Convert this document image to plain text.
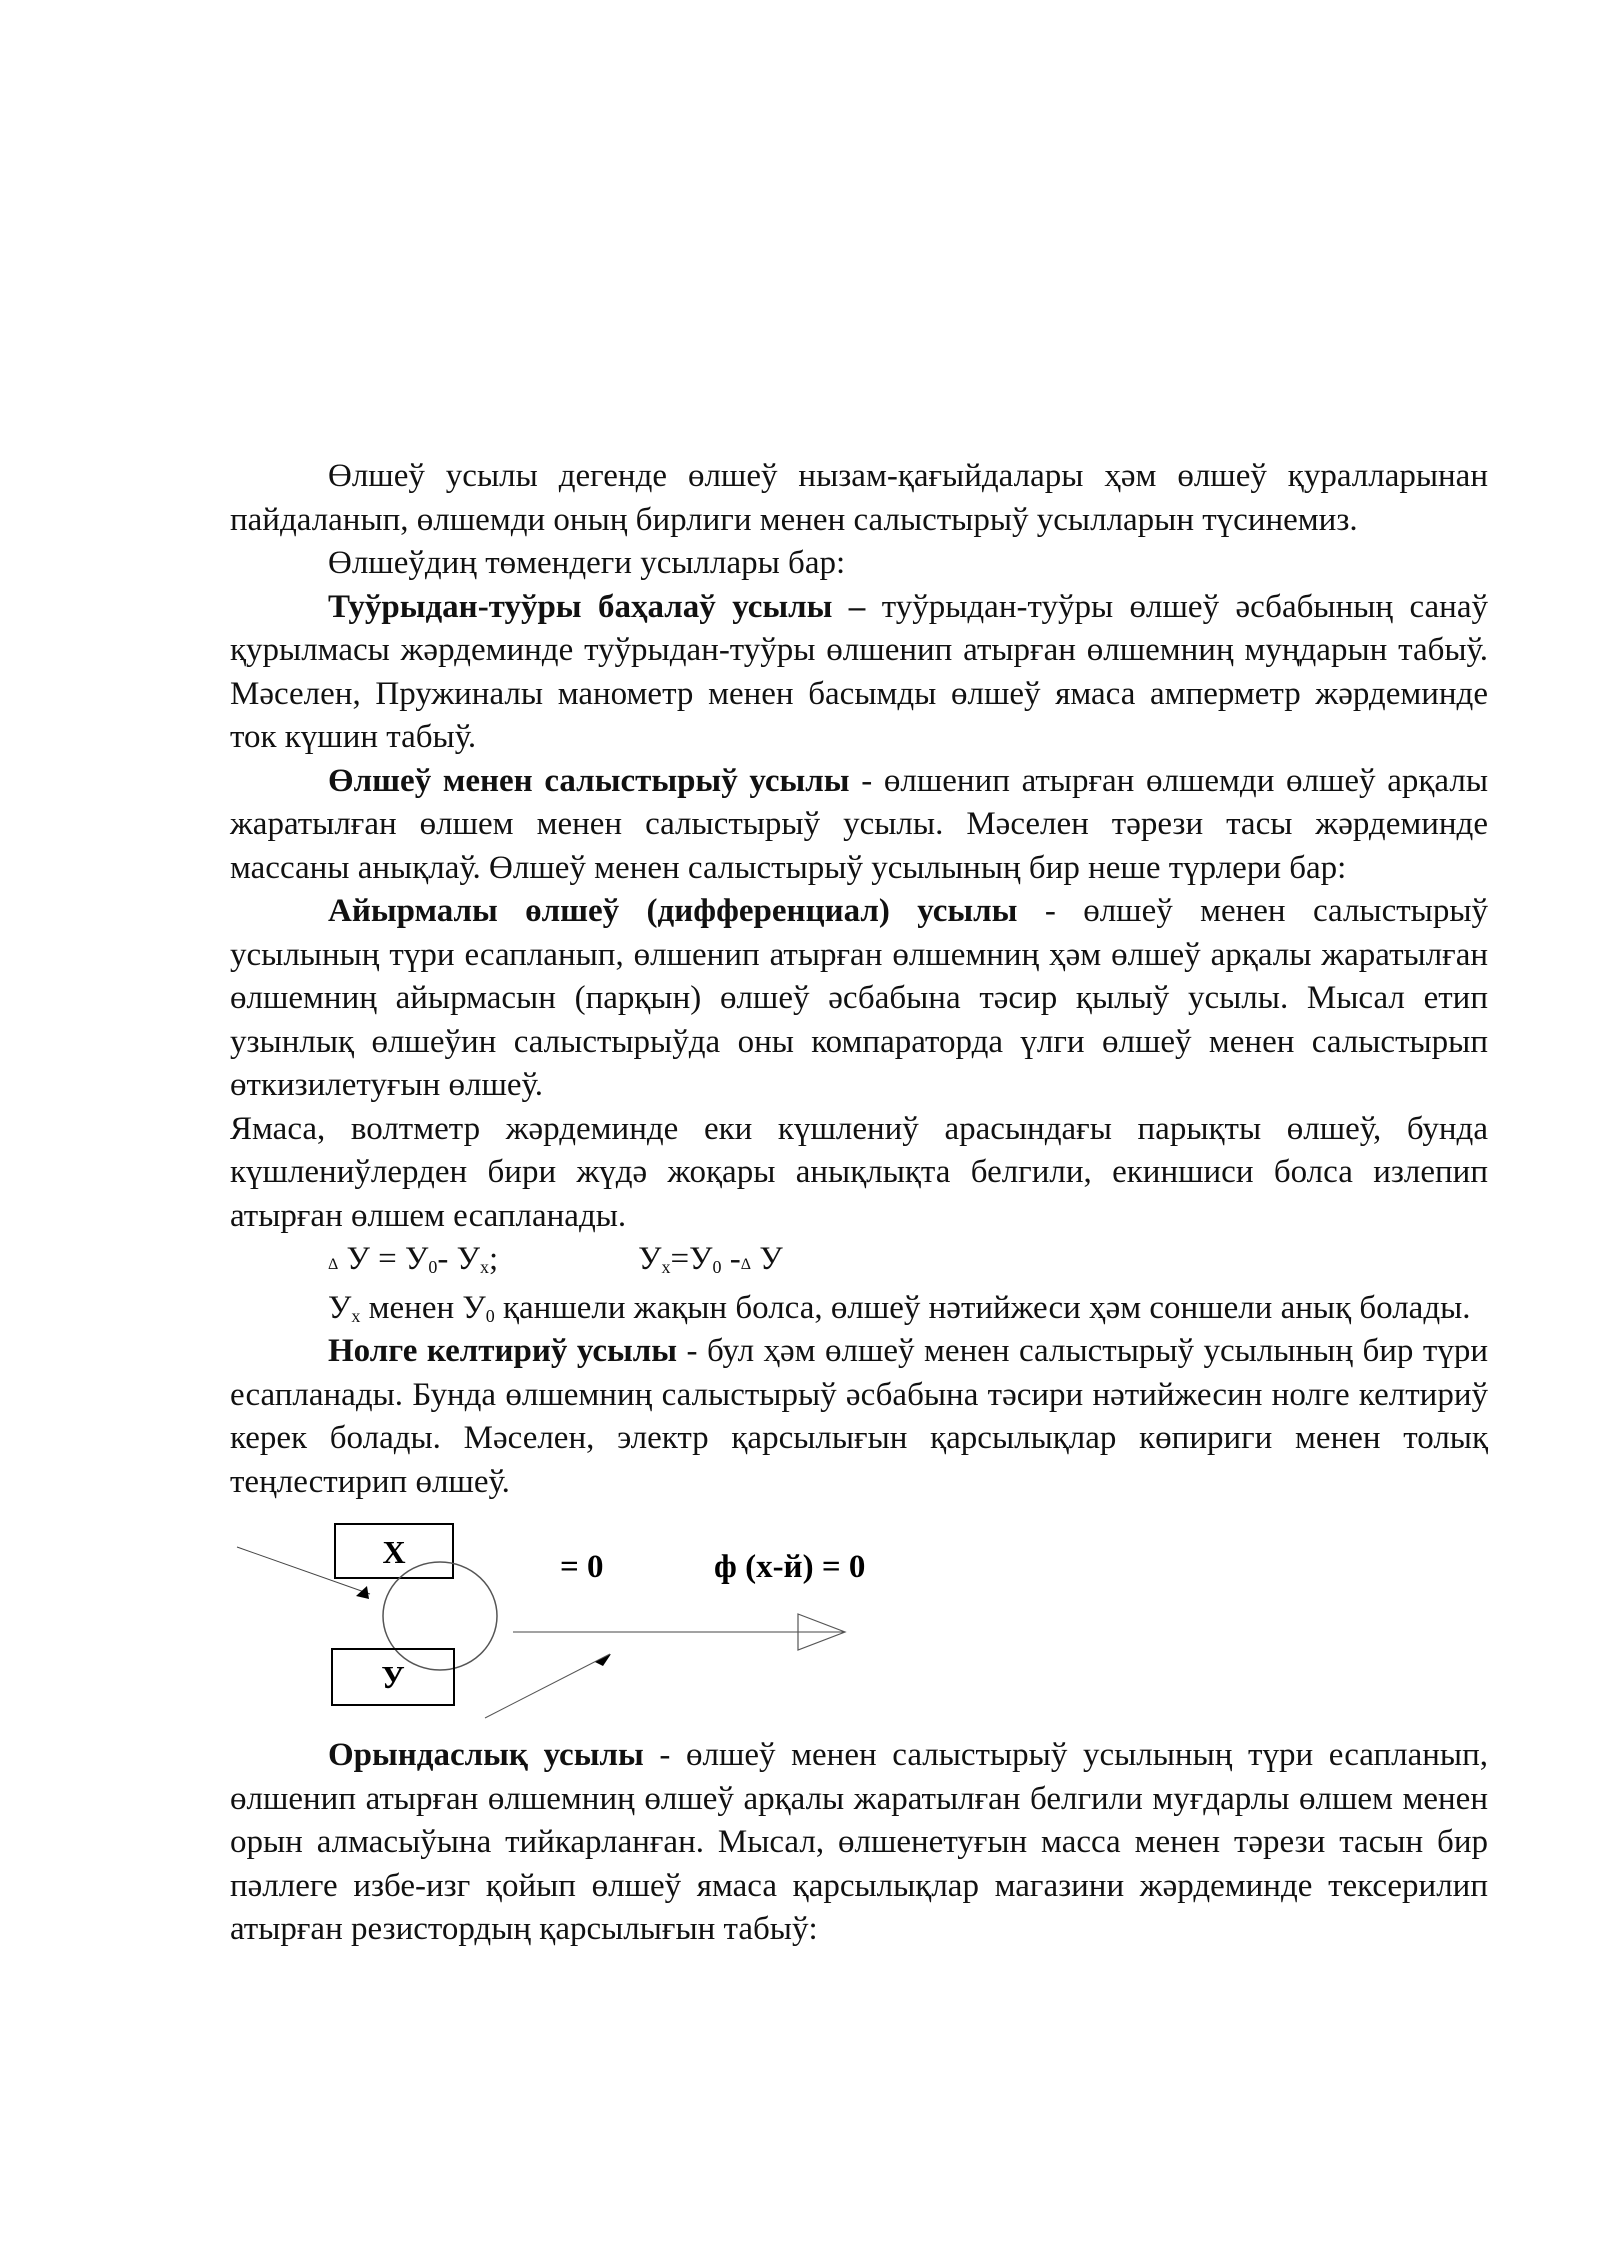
Өлшеў усылы дегенде өлшеў нызам-қағыйдалары ҳәм өлшеў қуралларынан пайдаланып, өлшемди оның бирлиги менен салыстырыў усылларын түсинемиз.

Өлшеўдиң төмендеги усыллары бар:

Туўрыдан-туўры баҳалаў усылы – туўрыдан-туўры өлшеў әсбабының санаў қурылмасы жәрдеминде туўрыдан-туўры өлшенип атырған өлшемниң муңдарын табыў. Мәселен, Пружиналы манометр менен басымды өлшеў ямаса амперметр жәрдеминде ток күшин табыў.

Өлшеў менен салыстырыў усылы - өлшенип атырған өлшемди өлшеў арқалы жаратылған өлшем менен салыстырыў усылы. Мәселен тәрези тасы жәрдеминде массаны анықлаў. Өлшеў менен салыстырыў усылының бир неше түрлери бар:

Айырмалы өлшеў (дифференциал) усылы - өлшеў менен салыстырыў усылының түри есапланып, өлшенип атырған өлшемниң ҳәм өлшеў арқалы жаратылған өлшемниң айырмасын (парқын) өлшеў әсбабына тәсир қылыў усылы. Мысал етип узынлық өлшеўин салыстырыўда оны компараторда үлги өлшеў менен салыстырып өткизилетуғын өлшеў.

Ямаса, волтметр жәрдеминде еки күшлениў арасындағы парықты өлшеў, бунда күшлениўлерден бири жүдә жоқары анықлықта белгили, екиншиси болса излепип атырған өлшем есапланады.

Δ $У = У_0-$ $У_x$;	$У_x=У_0$ -Δ У

$У_x$ менен $У_0$ қаншели жақын болса, өлшеў нәтийжеси ҳәм соншели анық болады.

Нолге келтириў усылы - бул ҳәм өлшеў менен салыстырыў усылының бир түри есапланады. Бунда өлшемниң салыстырыў әсбабына тәсири нәтийжесин нолге келтириў керек болады. Мәселен, электр қарсылығын қарсылықлар көпириги менен толық теңлестирип өлшеў.

X
У
= 0	ф (х-й) = 0

Орындаслық усылы - өлшеў менен салыстырыў усылының түри есапланып, өлшенип атырған өлшемниң өлшеў арқалы жаратылған белгили муғдарлы өлшем менен орын алмасыўына тийкарланған. Мысал, өлшенетуғын масса менен тәрези тасын бир пәллеге избе-изг қойып өлшеў ямаса қарсылықлар магазини жәрдеминде тексерилип атырған резистордың қарсылығын табыў:
